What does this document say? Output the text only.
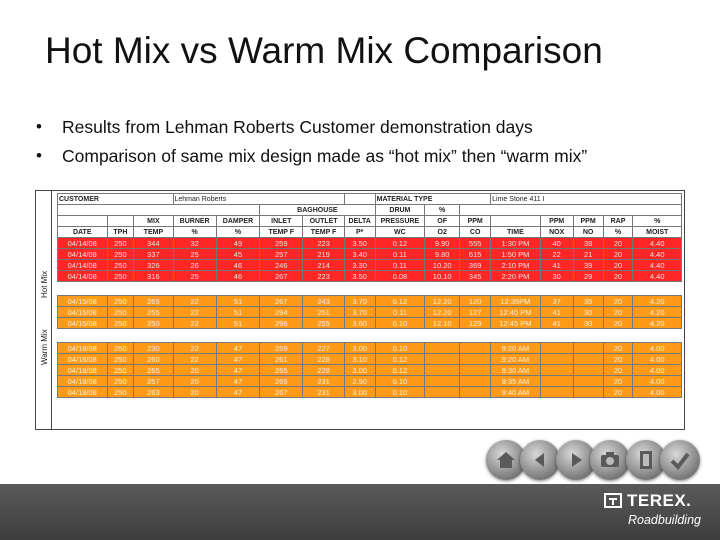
Hot Mix vs Warm Mix Comparison
• Results from Lehman Roberts Customer demonstration days
• Comparison of same mix design made as “hot mix” then “warm mix”
Hot Mix
Warm Mix
CUSTOMER			Lehman Roberts					MATERIAL TYPE			Lime Stone 411 I				
					BAGHOUSE			DRUM	%						
		MIX	BURNER	DAMPER	INLET	OUTLET	DELTA	PRESSURE	OF	PPM		PPM	PPM	RAP	%
DATE	TPH	TEMP	%	%	TEMP F	TEMP F	P*	WC	O2	CO	TIME	NOX	NO	%	MOIST
04/14/08	250	344	32	49	259	223	3.50	0.12	9.90	555	1:30 PM	40	38	20	4.40
04/14/08	250	337	25	45	257	219	3.40	0.11	9.80	615	1:50 PM	22	21	20	4.40
04/14/08	250	326	26	46	246	214	3.30	0.11	10.20	369	2:10 PM	41	39	20	4.40
04/14/08	250	316	25	46	267	223	3.50	0.08	10.10	345	2:20 PM	30	29	20	4.40

04/15/08	250	265	22	51	267	243	3.70	0.12	12.20	120	12:35PM	37	35	20	4.20
04/15/08	250	255	22	51	294	251	3.70	0.11	12.20	127	12:40 PM	41	30	20	4.20
04/15/08	250	250	22	51	296	255	3.60	0.10	12.10	129	12:45 PM	41	30	20	4.20

04/18/08	250	230	22	47	259	227	3.00	0.10			9:20 AM			20	4.00
04/18/08	250	260	22	47	261	228	3.10	0.12			9:20 AM			20	4.00
04/18/08	250	265	20	47	265	228	3.00	0.12			9:30 AM			20	4.00
04/18/08	250	257	20	47	265	231	2.90	0.10			9:35 AM			20	4.00
04/18/08	250	263	20	47	267	231	3.00	0.10			9:40 AM			20	4.00
TEREX.
Roadbuilding
